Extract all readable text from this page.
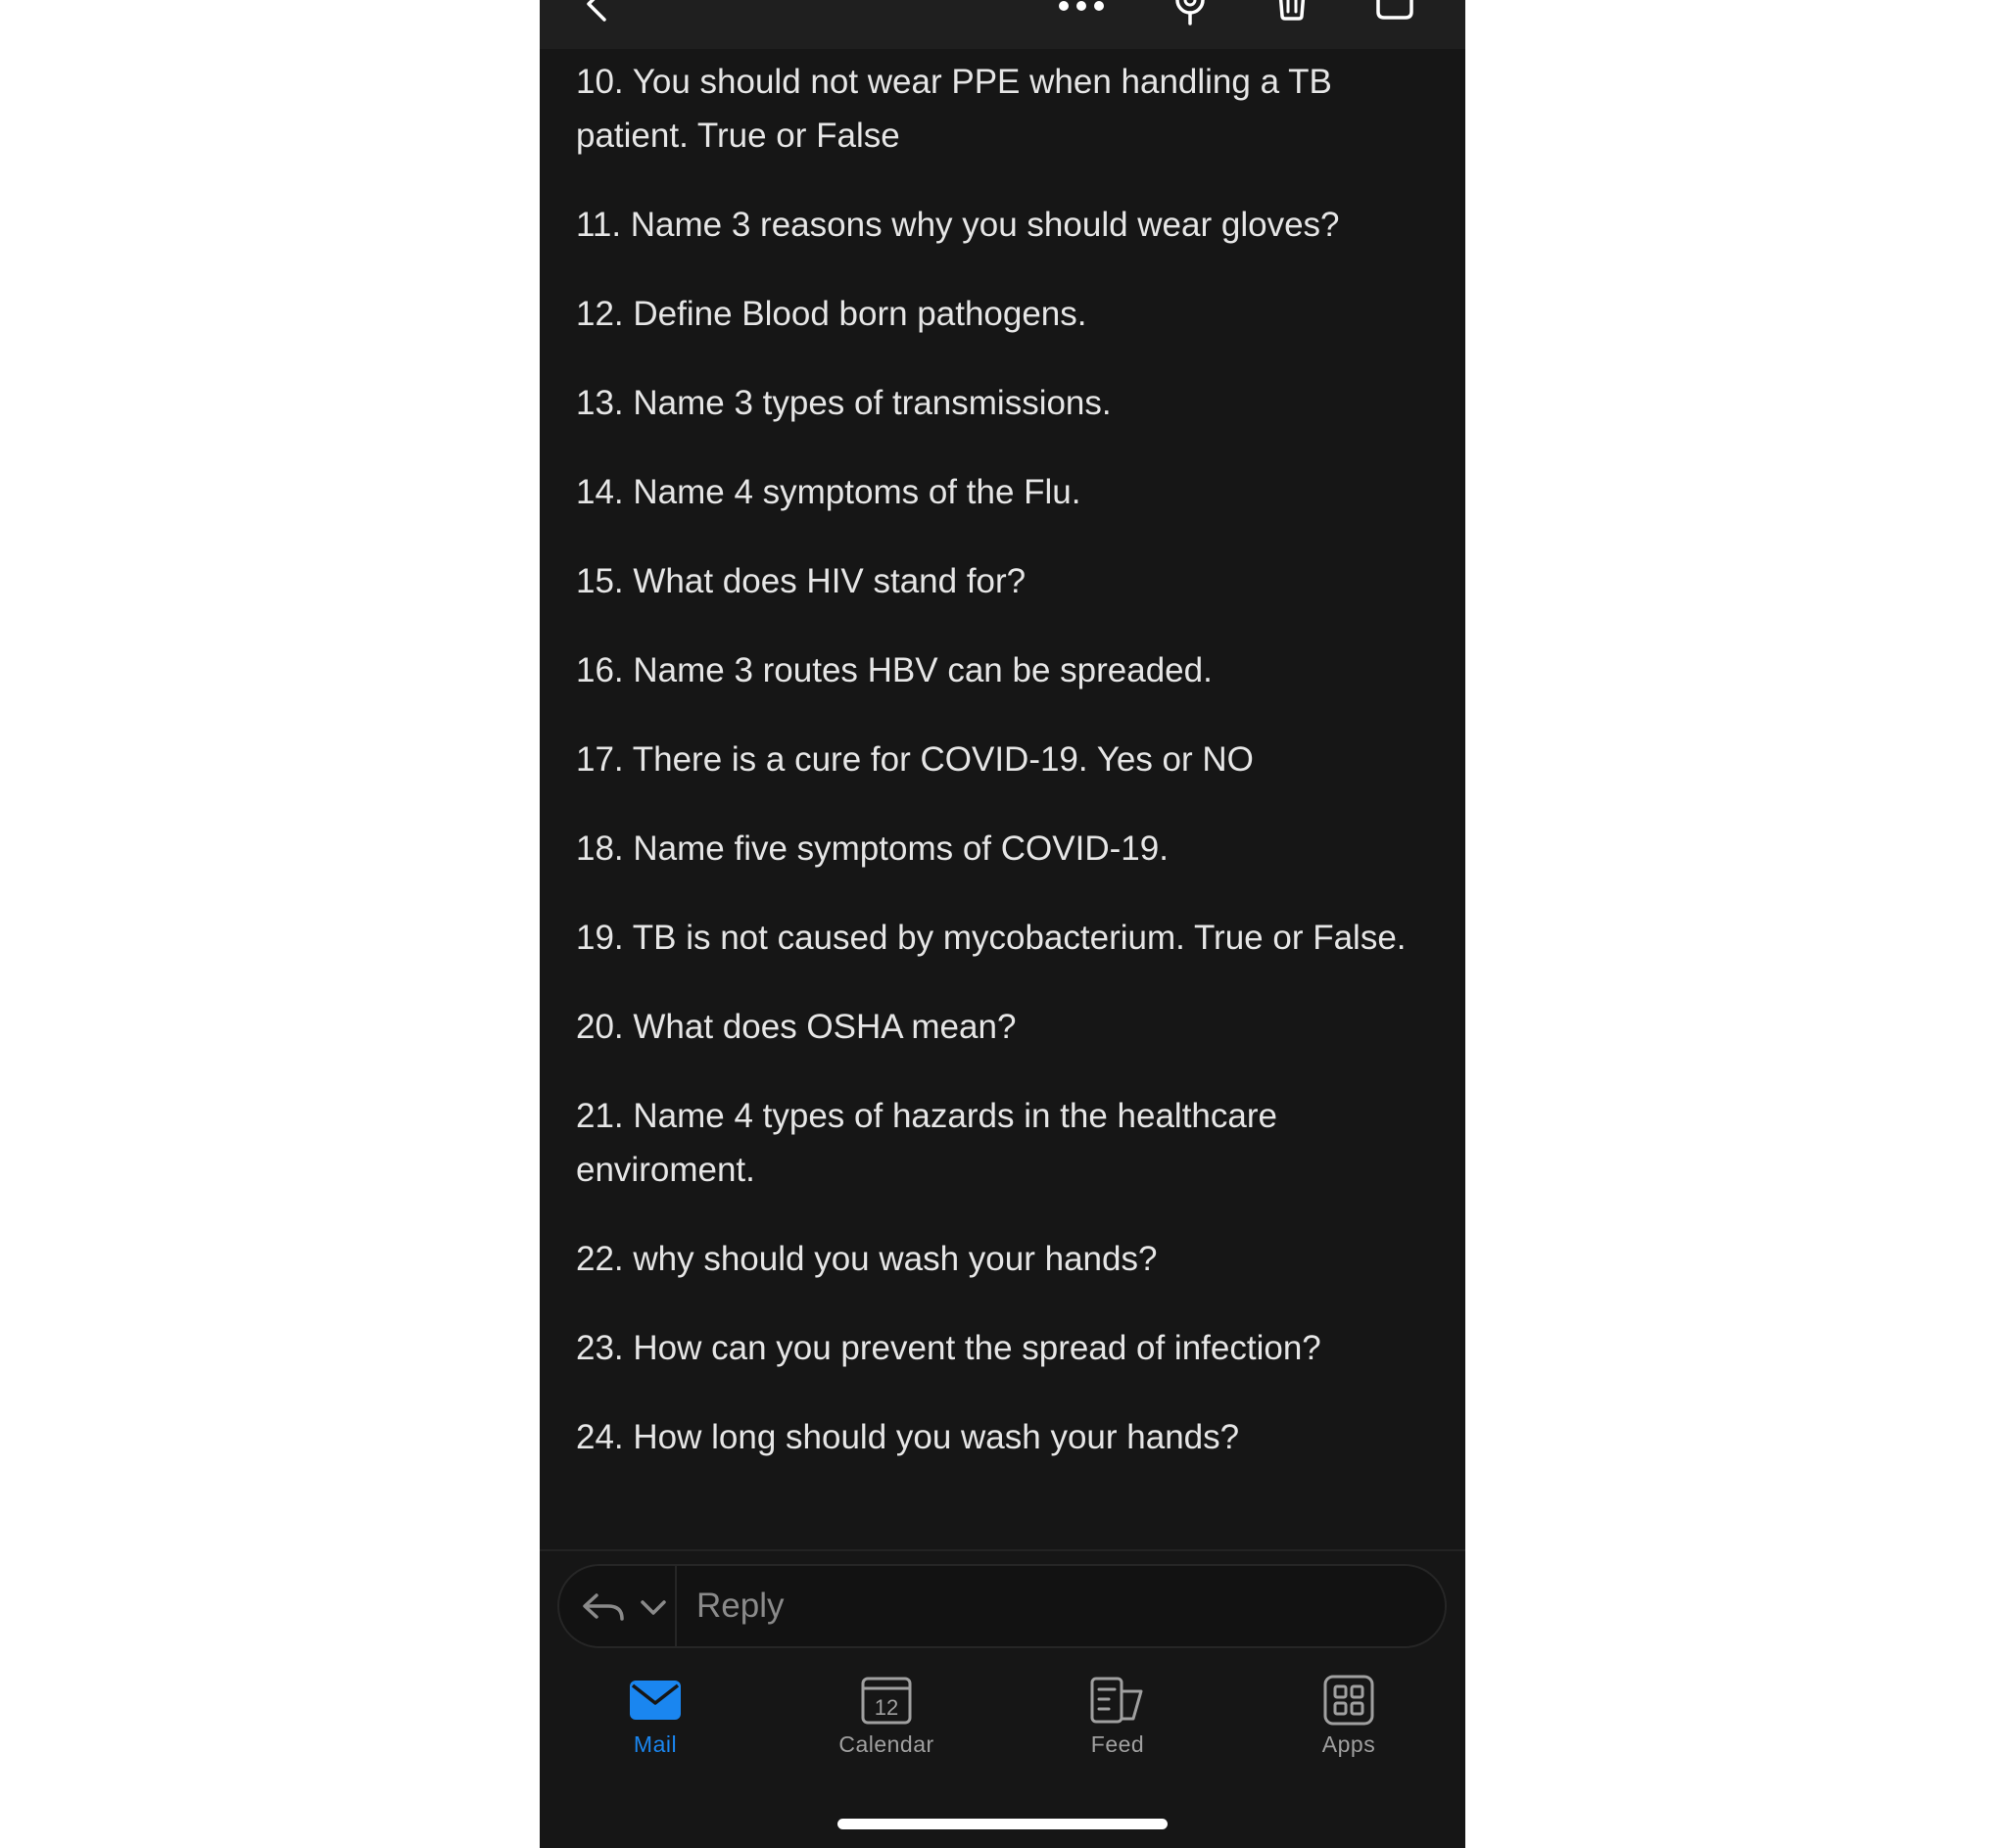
10. You should not wear PPE when handling a TB patient. True or False
11. Name 3 reasons why you should wear gloves?
12. Define Blood born pathogens.
13. Name 3 types of transmissions.
14. Name 4 symptoms of the Flu.
15. What does HIV stand for?
16. Name 3 routes HBV can be spreaded.
17. There is a cure for COVID-19. Yes or NO
18. Name five symptoms of COVID-19.
19. TB is not caused by mycobacterium. True or False.
20. What does OSHA mean?
21. Name 4 types of hazards in the healthcare enviroment.
22. why should you wash your hands?
23. How can you prevent the spread of infection?
24. How long should you wash your hands?
Reply
Mail
12
Calendar	Feed	Apps
